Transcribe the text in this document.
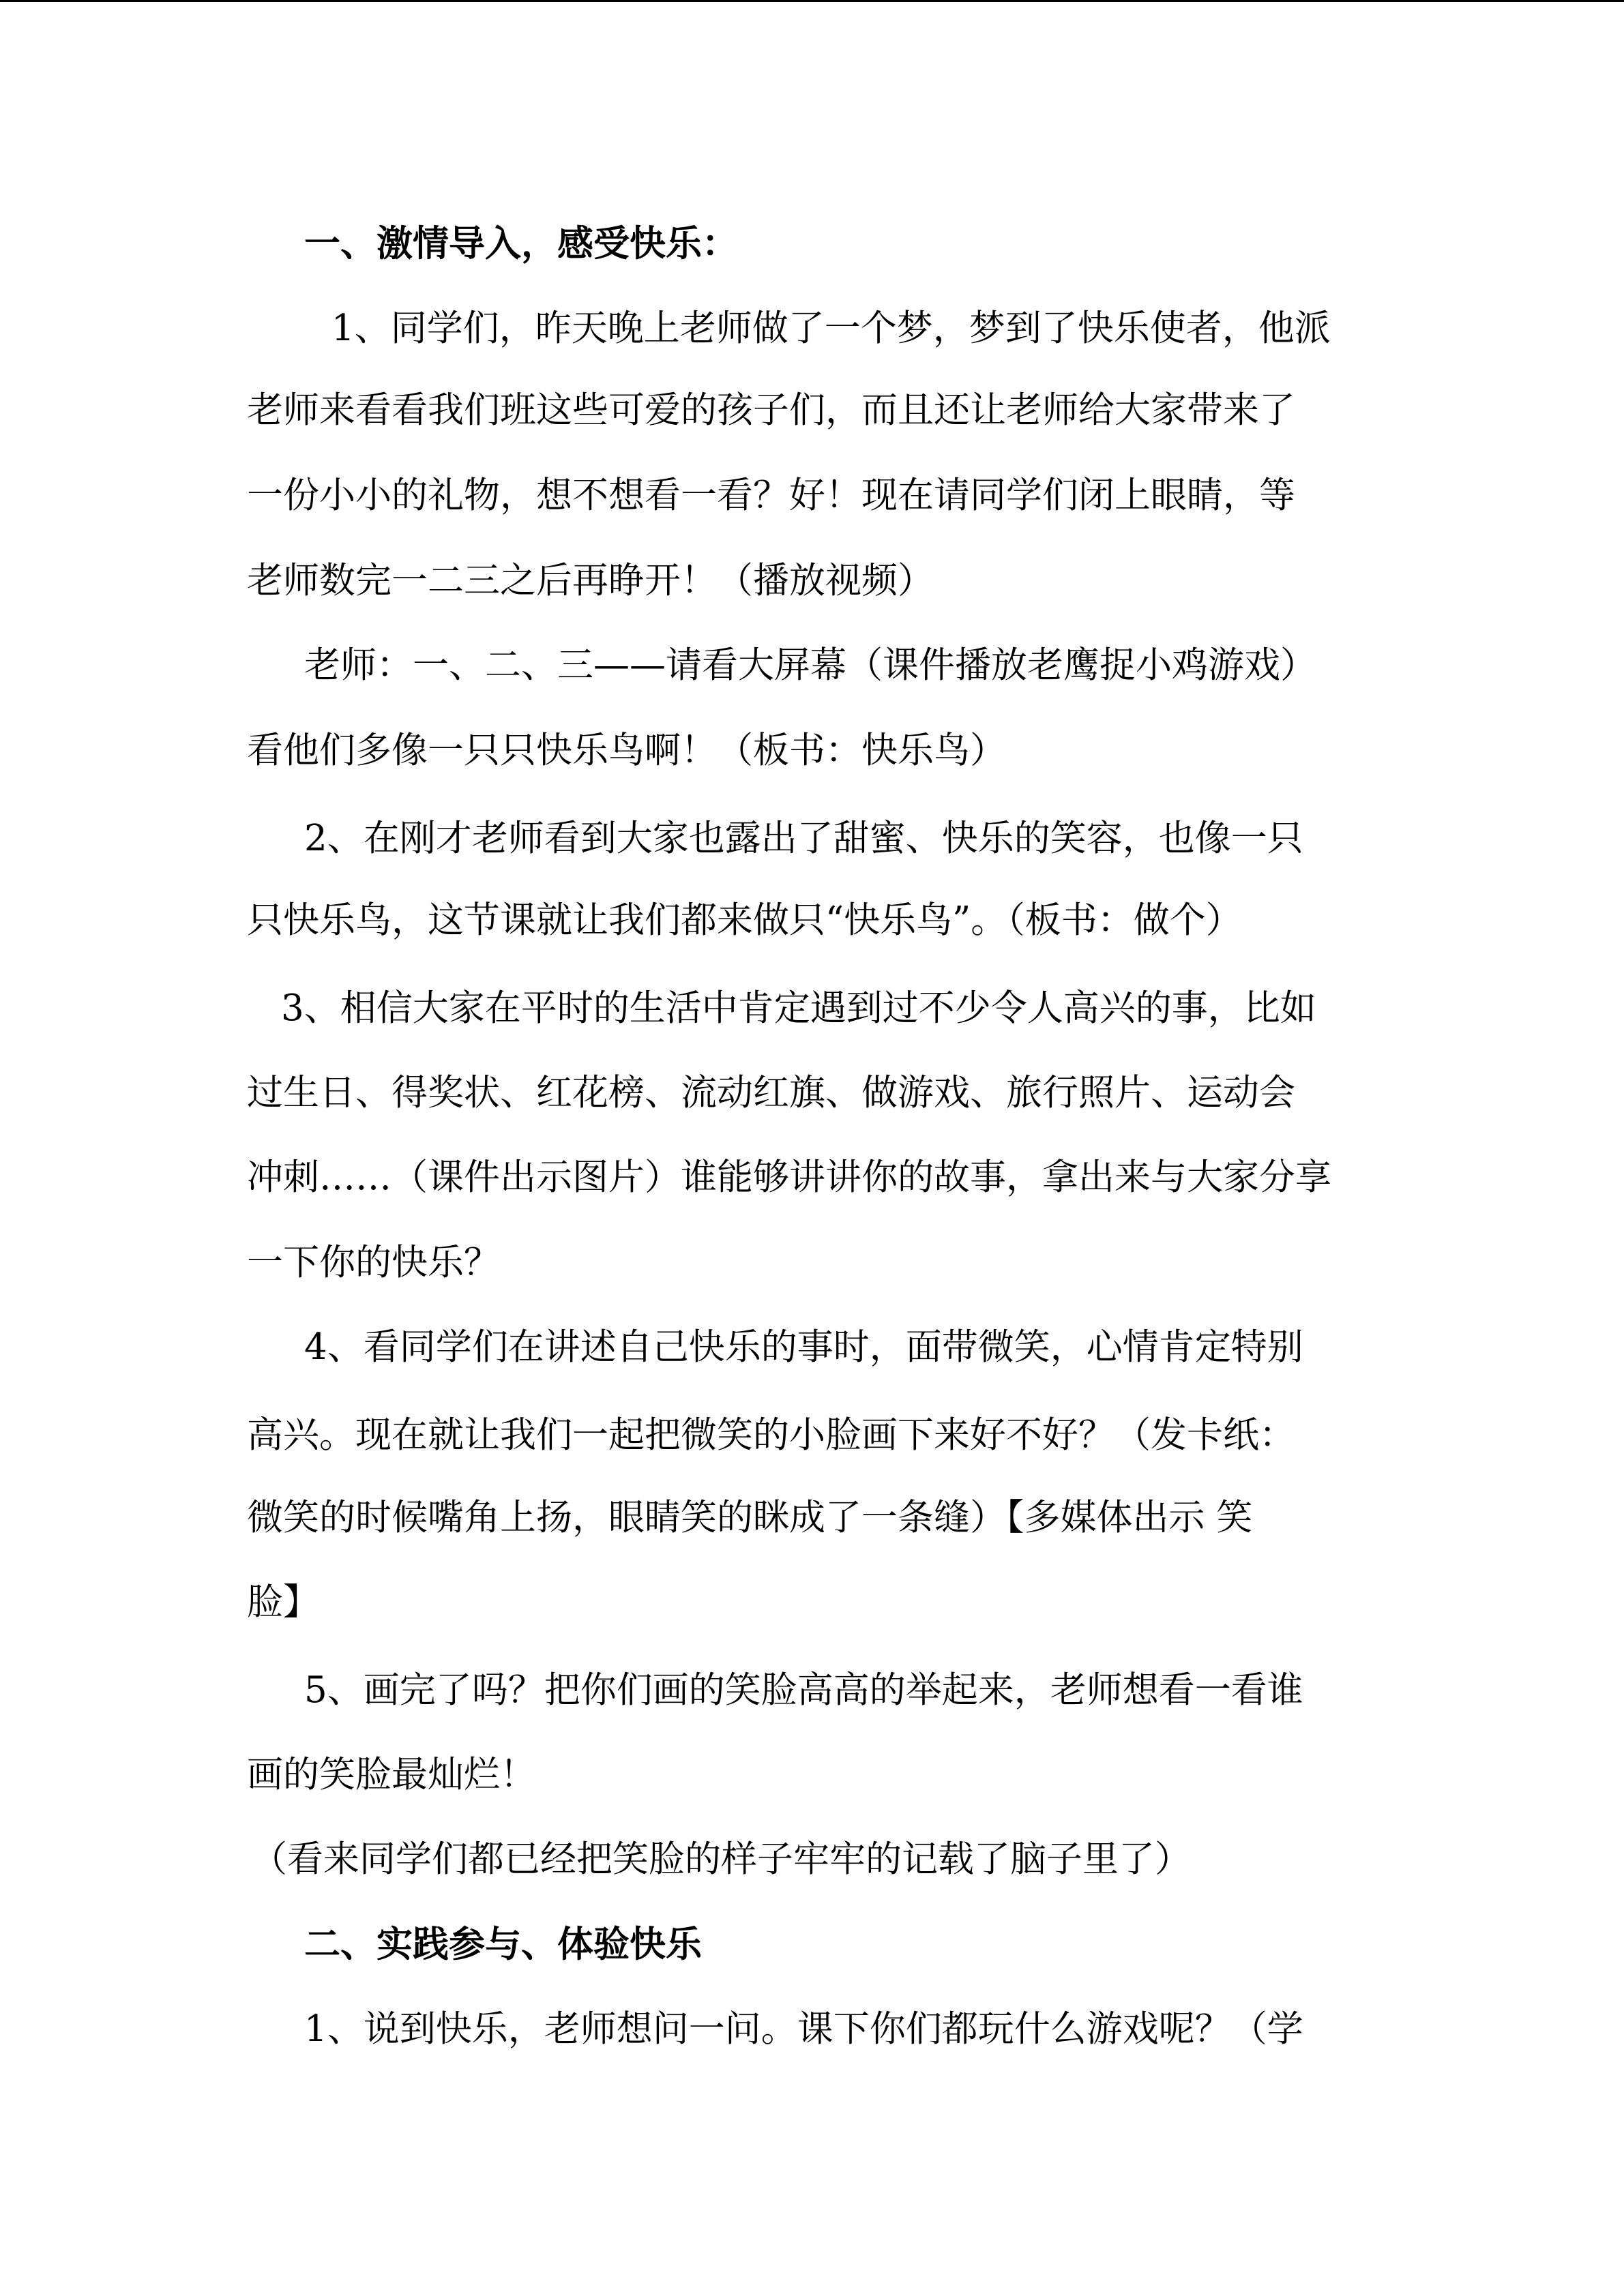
一、激情导入，感受快乐：
1、同学们，昨天晚上老师做了一个梦，梦到了快乐使者，他派
老师来看看我们班这些可爱的孩子们，而且还让老师给大家带来了
一份小小的礼物，想不想看一看？好！现在请同学们闭上眼睛，等
老师数完一二三之后再睁开！（播放视频）
老师：一、二、三——请看大屏幕（课件播放老鹰捉小鸡游戏）
看他们多像一只只快乐鸟啊！（板书：快乐鸟）
2、在刚才老师看到大家也露出了甜蜜、快乐的笑容，也像一只
只快乐鸟，这节课就让我们都来做只“快乐鸟”。（板书：做个）
3、相信大家在平时的生活中肯定遇到过不少令人高兴的事，比如
过生日、得奖状、红花榜、流动红旗、做游戏、旅行照片、运动会
冲刺……（课件出示图片）谁能够讲讲你的故事，拿出来与大家分享
一下你的快乐？
4、看同学们在讲述自己快乐的事时，面带微笑，心情肯定特别
高兴。现在就让我们一起把微笑的小脸画下来好不好？（发卡纸：
微笑的时候嘴角上扬，眼睛笑的眯成了一条缝）【多媒体出示 笑
脸】
5、画完了吗？把你们画的笑脸高高的举起来，老师想看一看谁
画的笑脸最灿烂！
（看来同学们都已经把笑脸的样子牢牢的记载了脑子里了）
二、实践参与、体验快乐
1、说到快乐，老师想问一问。课下你们都玩什么游戏呢？（学
